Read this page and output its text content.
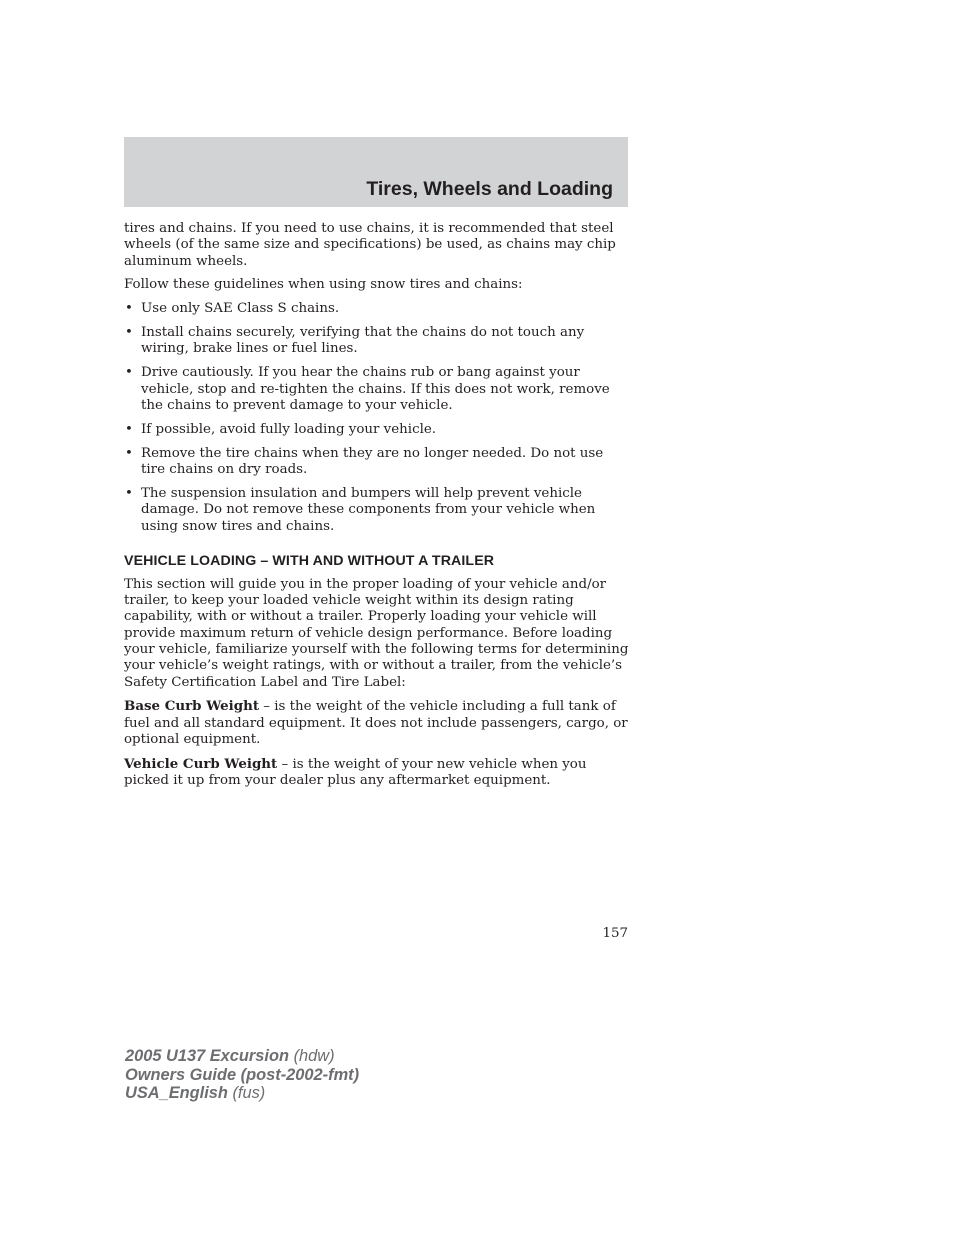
Tires, Wheels and Loading

tires and chains. If you need to use chains, it is recommended that steel wheels (of the same size and specifications) be used, as chains may chip aluminum wheels.

Follow these guidelines when using snow tires and chains:

• Use only SAE Class S chains.
• Install chains securely, verifying that the chains do not touch any wiring, brake lines or fuel lines.
• Drive cautiously. If you hear the chains rub or bang against your vehicle, stop and re-tighten the chains. If this does not work, remove the chains to prevent damage to your vehicle.
• If possible, avoid fully loading your vehicle.
• Remove the tire chains when they are no longer needed. Do not use tire chains on dry roads.
• The suspension insulation and bumpers will help prevent vehicle damage. Do not remove these components from your vehicle when using snow tires and chains.
VEHICLE LOADING – WITH AND WITHOUT A TRAILER

This section will guide you in the proper loading of your vehicle and/or trailer, to keep your loaded vehicle weight within its design rating capability, with or without a trailer. Properly loading your vehicle will provide maximum return of vehicle design performance. Before loading your vehicle, familiarize yourself with the following terms for determining your vehicle’s weight ratings, with or without a trailer, from the vehicle’s Safety Certification Label and Tire Label:

Base Curb Weight – is the weight of the vehicle including a full tank of fuel and all standard equipment. It does not include passengers, cargo, or optional equipment.

Vehicle Curb Weight – is the weight of your new vehicle when you picked it up from your dealer plus any aftermarket equipment.

157
2005 U137 Excursion (hdw)
Owners Guide (post-2002-fmt)
USA_English (fus)
